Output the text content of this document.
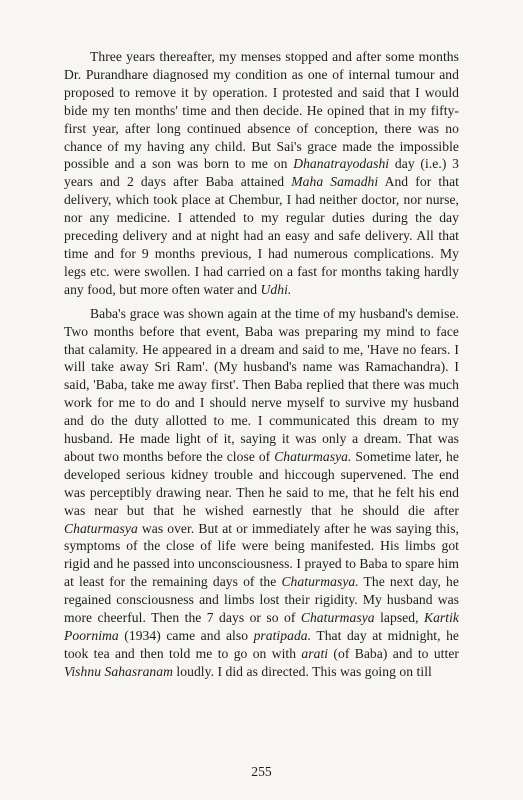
Three years thereafter, my menses stopped and after some months Dr. Purandhare diagnosed my condition as one of internal tumour and proposed to remove it by operation. I protested and said that I would bide my ten months' time and then decide. He opined that in my fifty-first year, after long continued absence of conception, there was no chance of my having any child. But Sai's grace made the impossible possible and a son was born to me on Dhanatrayodashi day (i.e.) 3 years and 2 days after Baba attained Maha Samadhi And for that delivery, which took place at Chembur, I had neither doctor, nor nurse, nor any medicine. I attended to my regular duties during the day preceding delivery and at night had an easy and safe delivery. All that time and for 9 months previous, I had numerous complications. My legs etc. were swollen. I had carried on a fast for months taking hardly any food, but more often water and Udhi.

Baba's grace was shown again at the time of my husband's demise. Two months before that event, Baba was preparing my mind to face that calamity. He appeared in a dream and said to me, 'Have no fears. I will take away Sri Ram'. (My husband's name was Ramachandra). I said, 'Baba, take me away first'. Then Baba replied that there was much work for me to do and I should nerve myself to survive my husband and do the duty allotted to me. I communicated this dream to my husband. He made light of it, saying it was only a dream. That was about two months before the close of Chaturmasya. Sometime later, he developed serious kidney trouble and hiccough supervened. The end was perceptibly drawing near. Then he said to me, that he felt his end was near but that he wished earnestly that he should die after Chaturmasya was over. But at or immediately after he was saying this, symptoms of the close of life were being manifested. His limbs got rigid and he passed into unconsciousness. I prayed to Baba to spare him at least for the remaining days of the Chaturmasya. The next day, he regained consciousness and limbs lost their rigidity. My husband was more cheerful. Then the 7 days or so of Chaturmasya lapsed, Kartik Poornima (1934) came and also pratipada. That day at midnight, he took tea and then told me to go on with arati (of Baba) and to utter Vishnu Sahasranam loudly. I did as directed. This was going on till

255
